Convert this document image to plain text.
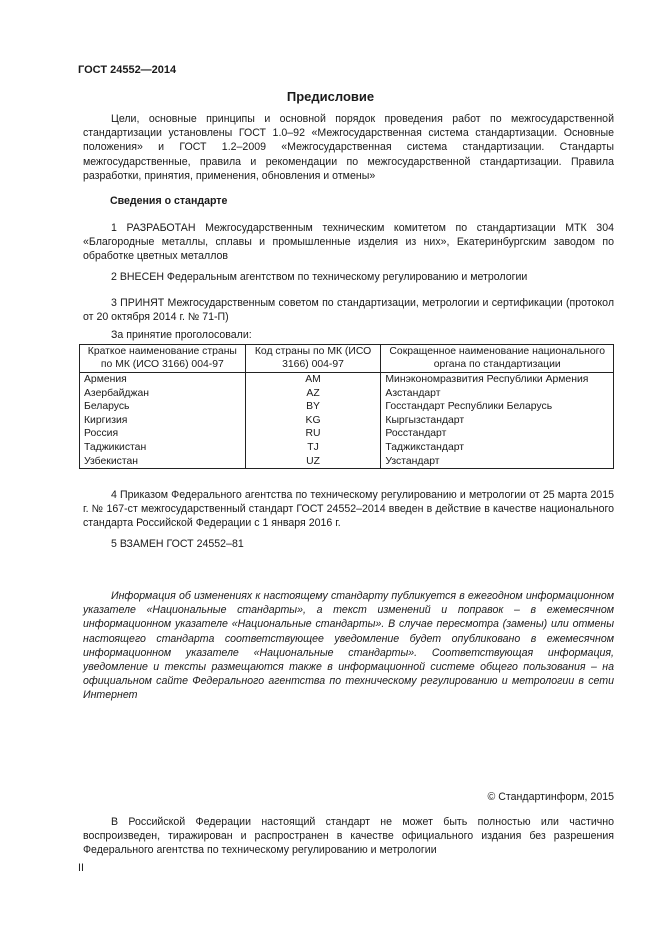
ГОСТ 24552—2014
Предисловие
Цели, основные принципы и основной порядок проведения работ по межгосударственной стандартизации установлены ГОСТ 1.0–92 «Межгосударственная система стандартизации. Основные положения» и ГОСТ 1.2–2009 «Межгосударственная система стандартизации. Стандарты межгосударственные, правила и рекомендации по межгосударственной стандартизации. Правила разработки, принятия, применения, обновления и отмены»
Сведения о стандарте
1 РАЗРАБОТАН Межгосударственным техническим комитетом по стандартизации МТК 304 «Благородные металлы, сплавы и промышленные изделия из них», Екатеринбургским заводом по обработке цветных металлов
2 ВНЕСЕН Федеральным агентством по техническому регулированию и метрологии
3 ПРИНЯТ Межгосударственным советом по стандартизации, метрологии и сертификации (протокол от 20 октября 2014 г. № 71-П)
За принятие проголосовали:
Краткое наименование страны по МК (ИСО 3166) 004-97	Код страны по МК (ИСО 3166) 004-97	Сокращенное наименование национального органа по стандартизации
Армения	AM	Минэкономразвития Республики Армения
Азербайджан	AZ	Азстандарт
Беларусь	BY	Госстандарт Республики Беларусь
Киргизия	KG	Кыргызстандарт
Россия	RU	Росстандарт
Таджикистан	TJ	Таджикстандарт
Узбекистан	UZ	Узстандарт
4 Приказом Федерального агентства по техническому регулированию и метрологии от 25 марта 2015 г. № 167-ст межгосударственный стандарт ГОСТ 24552–2014 введен в действие в качестве национального стандарта Российской Федерации с 1 января 2016 г.
5 ВЗАМЕН ГОСТ 24552–81
Информация об изменениях к настоящему стандарту публикуется в ежегодном информационном указателе «Национальные стандарты», а текст изменений и поправок – в ежемесячном информационном указателе «Национальные стандарты». В случае пересмотра (замены) или отмены настоящего стандарта соответствующее уведомление будет опубликовано в ежемесячном информационном указателе «Национальные стандарты». Соответствующая информация, уведомление и тексты размещаются также в информационной системе общего пользования – на официальном сайте Федерального агентства по техническому регулированию и метрологии в сети Интернет
© Стандартинформ, 2015
В Российской Федерации настоящий стандарт не может быть полностью или частично воспроизведен, тиражирован и распространен в качестве официального издания без разрешения Федерального агентства по техническому регулированию и метрологии
II
